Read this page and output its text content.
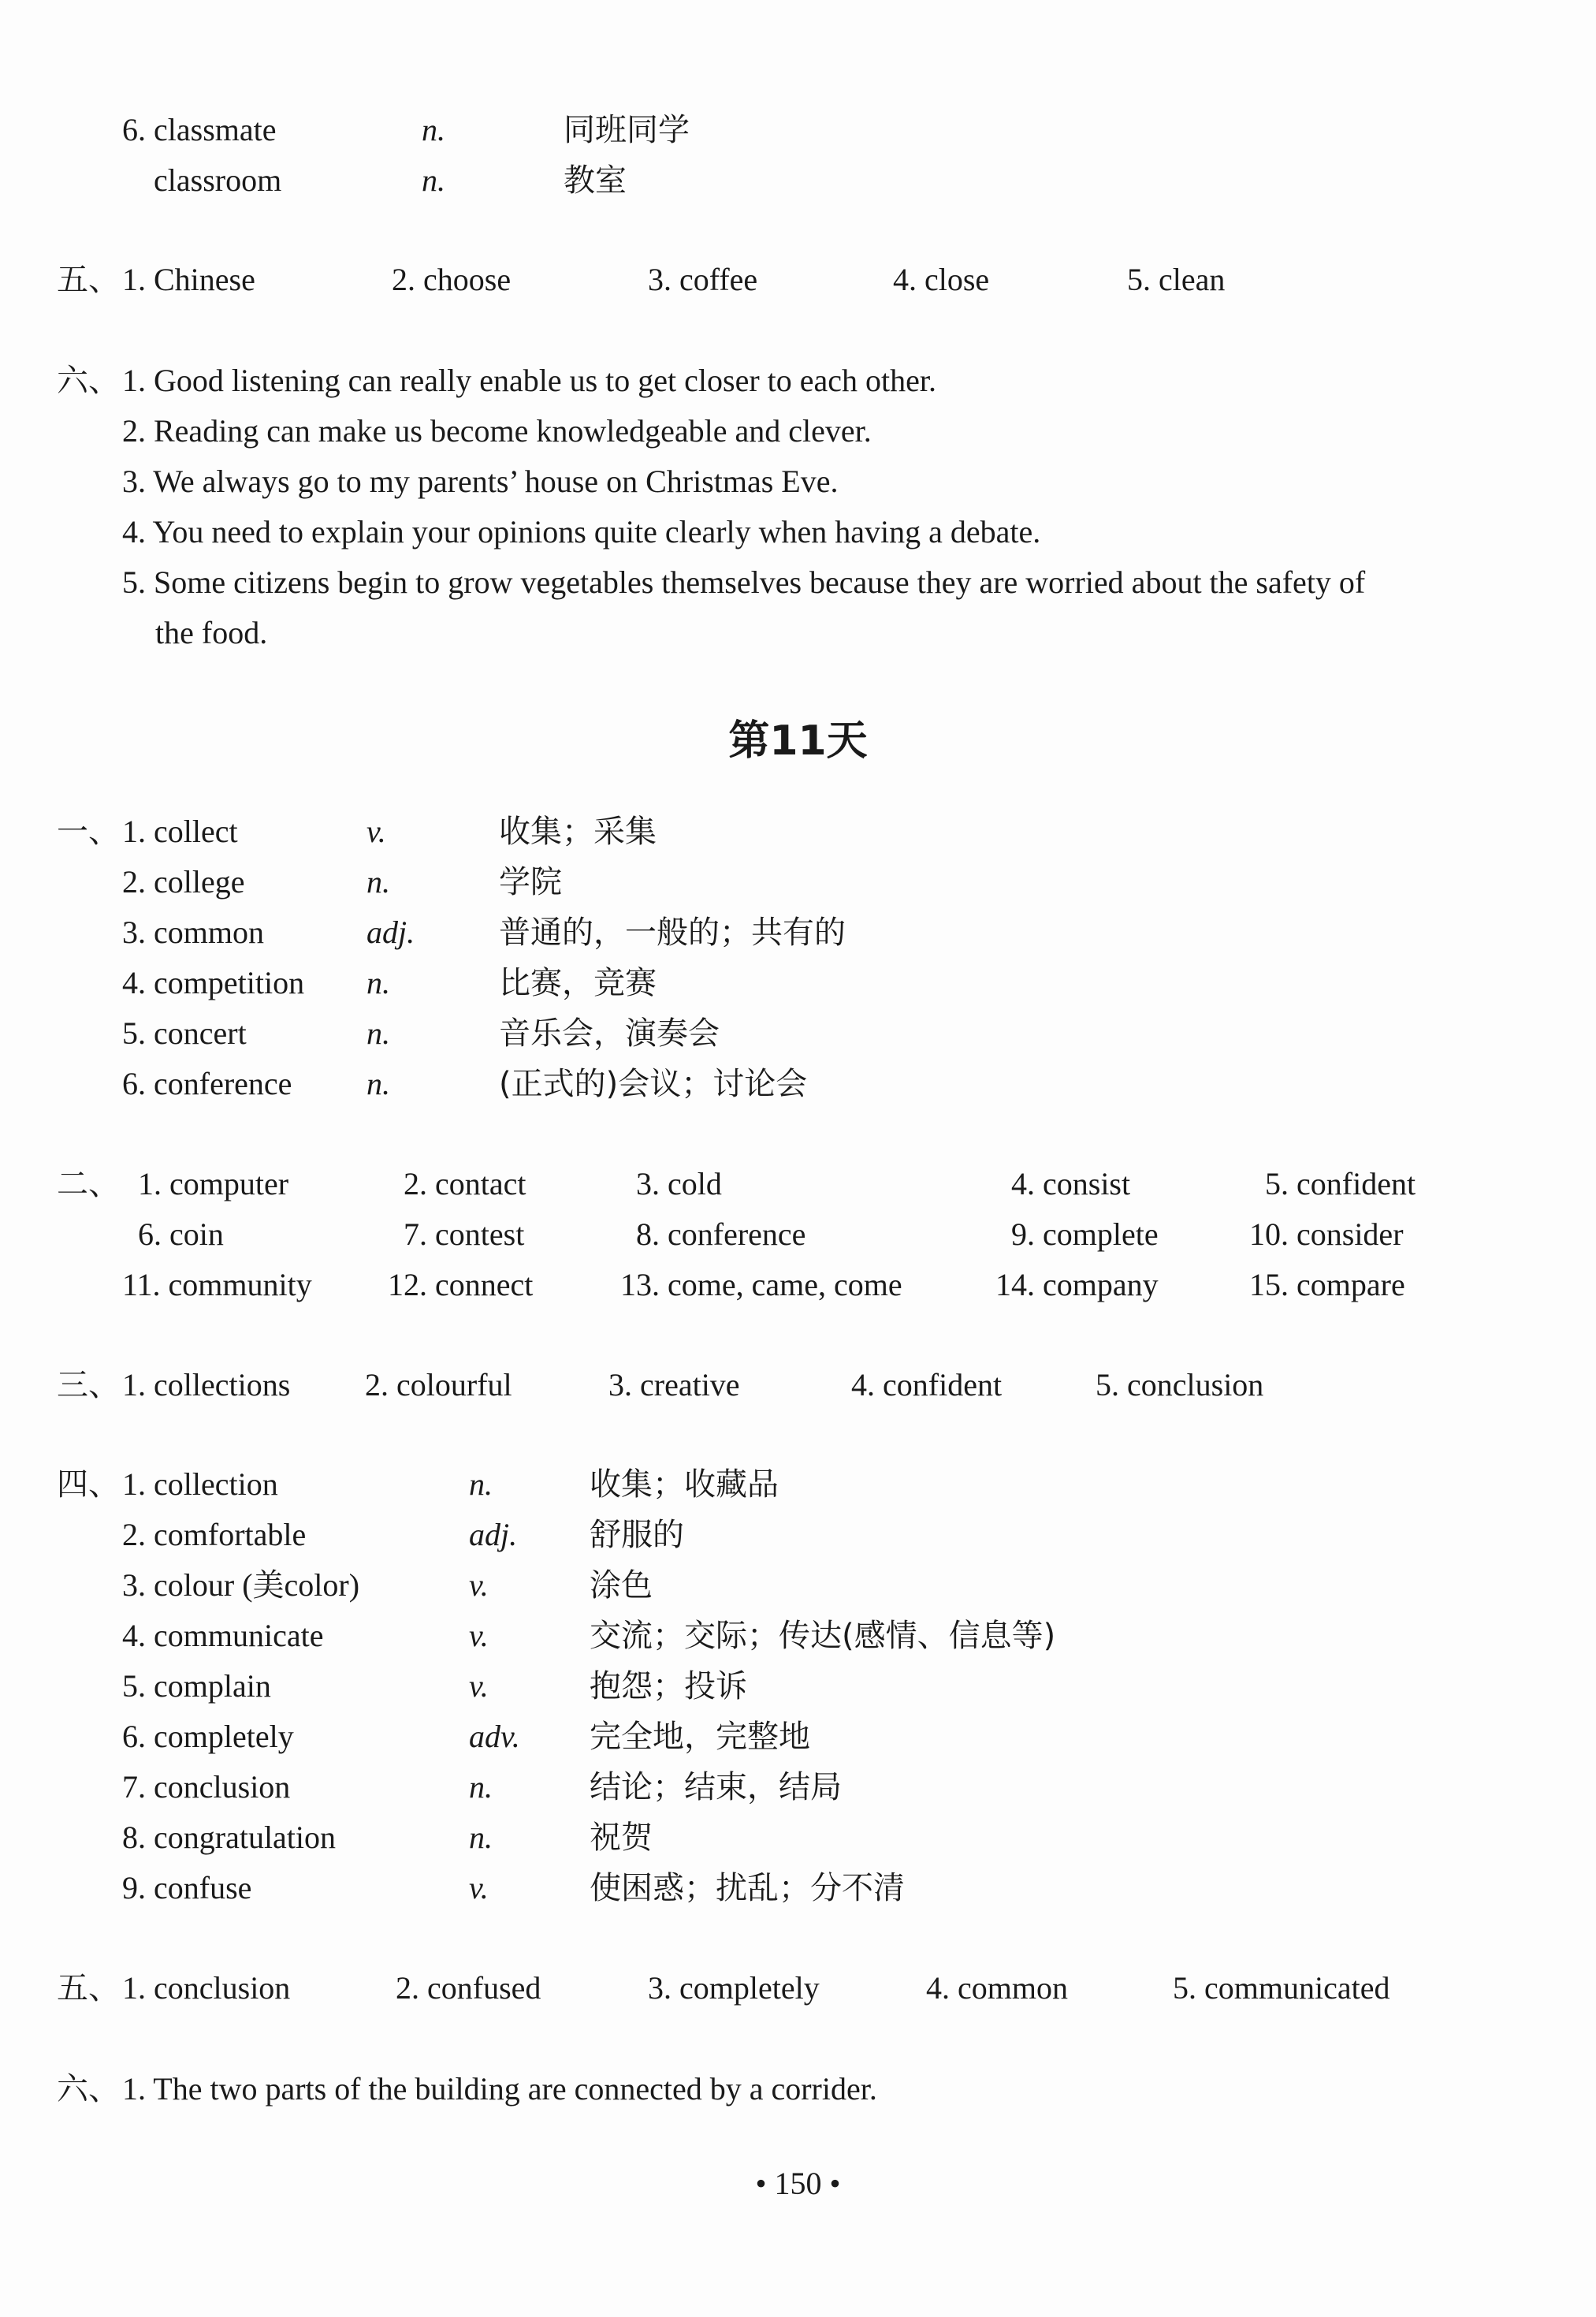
6. classmate	n.	同班同学
classroom	n.	教室
五、 1. Chinese	2. choose	3. coffee	4. close	5. clean
六、 1. Good listening can really enable us to get closer to each other.
2. Reading can make us become knowledgeable and clever.
3. We always go to my parents’ house on Christmas Eve.
4. You need to explain your opinions quite clearly when having a debate.
5. Some citizens begin to grow vegetables themselves because they are worried about the safety of
the food.
第11天
一、 1. collect	v.	收集；采集
2. college	n.	学院
3. common	adj.	普通的，一般的；共有的
4. competition n.	比赛，竞赛
5. concert	n.	音乐会，演奏会
6. conference n.	(正式的)会议；讨论会
二、 1. computer	2. contact	3. cold	4. consist	5. confident
6. coin	7. contest	8. conference	9. complete	10. consider
11. community 12. connect	13. come, came, come	14. company	15. compare
三、 1. collections 2. colourful	3. creative	4. confident	5. conclusion
四、 1. collection	n.	收集；收藏品
2. comfortable	adj. 舒服的
3. colour (美color)	v.	涂色
4. communicate	v.	交流；交际；传达(感情、信息等)
5. complain	v.	抱怨；投诉
6. completely	adv. 完全地，完整地
7. conclusion	n.	结论；结束，结局
8. congratulation	n.	祝贺
9. confuse	v.	使困惑；扰乱；分不清
五、 1. conclusion	2. confused	3. completely	4. common	5. communicated
六、 1. The two parts of the building are connected by a corrider.
• 150 •
